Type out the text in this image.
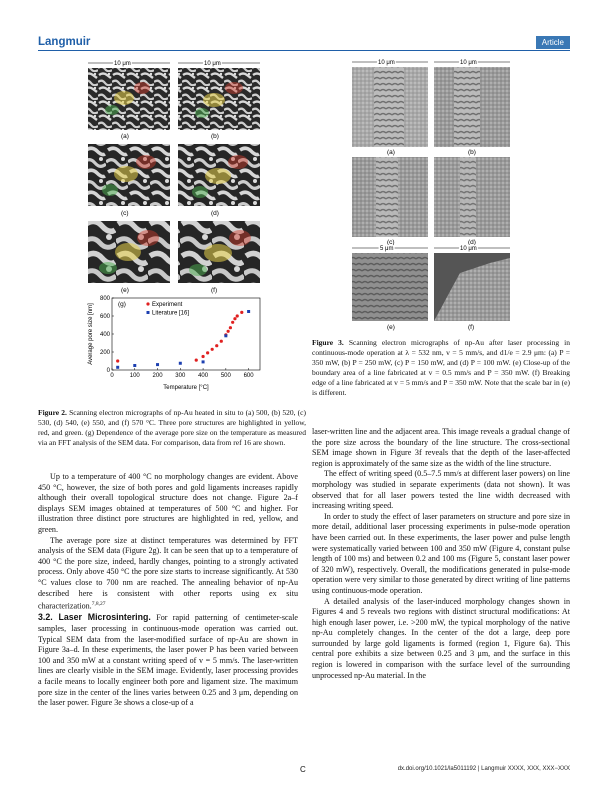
Langmuir	Article
10 μm	10 μm
(a)	(b)
(c)	(d)
(e)	(f)
0	100 200 300 400 500 600
0
200
400
600
800
(g)	Experiment
Literature [16]
Temperature [°C]
Average pore size [nm]
Figure 2. Scanning electron micrographs of np-Au heated in situ to (a) 500, (b) 520, (c) 530, (d) 540, (e) 550, and (f) 570 °C. Three pore structures are highlighted in yellow, red, and green. (g) Dependence of the average pore size on the temperature as measured via an FFT analysis of the SEM data. For comparison, data from ref 16 are shown.
10 μm	10 μm
(a)	(b)
(c)	(d)
5 μm	10 μm
(e)	(f)
Figure 3. Scanning electron micrographs of np-Au after laser processing in continuous-mode operation at λ = 532 nm, v = 5 mm/s, and d1/e = 2.9 μm: (a) P = 350 mW, (b) P = 250 mW, (c) P = 150 mW, and (d) P = 100 mW. (e) Close-up of the boundary area of a line fabricated at v = 0.5 mm/s and P = 350 mW. (f) Breaking edge of a line fabricated at v = 5 mm/s and P = 350 mW. Note that the scale bar in (e) is different.

Up to a temperature of 400 °C no morphology changes are evident. Above 450 °C, however, the size of both pores and gold ligaments increases rapidly although their overall topological structure does not change. Figure 2a–f displays SEM images obtained at temperatures of 500 °C and higher. For illustration three distinct pore structures are highlighted in red, yellow, and green.

The average pore size at distinct temperatures was determined by FFT analysis of the SEM data (Figure 2g). It can be seen that up to a temperature of 400 °C the pore size, indeed, hardly changes, pointing to a strongly activated process. Only above 450 °C the pore size starts to increase significantly. At 530 °C values close to 700 nm are reached. The annealing behavior of np-Au described here is consistent with other reports using ex situ characterization.$^{7,8,27}$

3.2. Laser Microsintering. For rapid patterning of centimeter-scale samples, laser processing in continuous-mode operation was carried out. Typical SEM data from the laser-modified surface of np-Au are shown in Figure 3a–d. In these experiments, the laser power P has been varied between 100 and 350 mW at a constant writing speed of v = 5 mm/s. The laser-written lines are clearly visible in the SEM image. Evidently, laser processing provides a facile means to locally engineer both pore and ligament size. The maximum pore size in the center of the lines varies between 0.25 and 3 μm, depending on the laser power. Figure 3e shows a close-up of a

laser-written line and the adjacent area. This image reveals a gradual change of the pore size across the boundary of the line structure. The cross-sectional SEM image shown in Figure 3f reveals that the depth of the laser-affected region is approximately of the same size as the width of the line structure.

The effect of writing speed (0.5–7.5 mm/s at different laser powers) on line morphology was studied in separate experiments (data not shown). It was observed that for all laser powers tested the line width decreased with increasing writing speed.

In order to study the effect of laser parameters on structure and pore size in more detail, additional laser processing experiments in pulse-mode operation have been carried out. In these experiments, the laser power and pulse length were systematically varied between 100 and 350 mW (Figure 4, constant pulse length of 100 ms) and between 0.2 and 100 ms (Figure 5, constant laser power of 320 mW), respectively. Overall, the modifications generated in pulse-mode operation were very similar to those generated by direct writing of line patterns using continuous-mode operation.

A detailed analysis of the laser-induced morphology changes shown in Figures 4 and 5 reveals two regions with distinct structural modifications: At high enough laser power, i.e. >200 mW, the typical morphology of the native np-Au completely changes. In the center of the dot a large, deep pore surrounded by large gold ligaments is formed (region 1, Figure 6a). This central pore exhibits a size between 0.25 and 3 μm, and the surface in this region is lowered in comparison with the surface level of the surrounding unprocessed np-Au material. In the

C	dx.doi.org/10.1021/la5011192 | Langmuir XXXX, XXX, XXX−XXX
